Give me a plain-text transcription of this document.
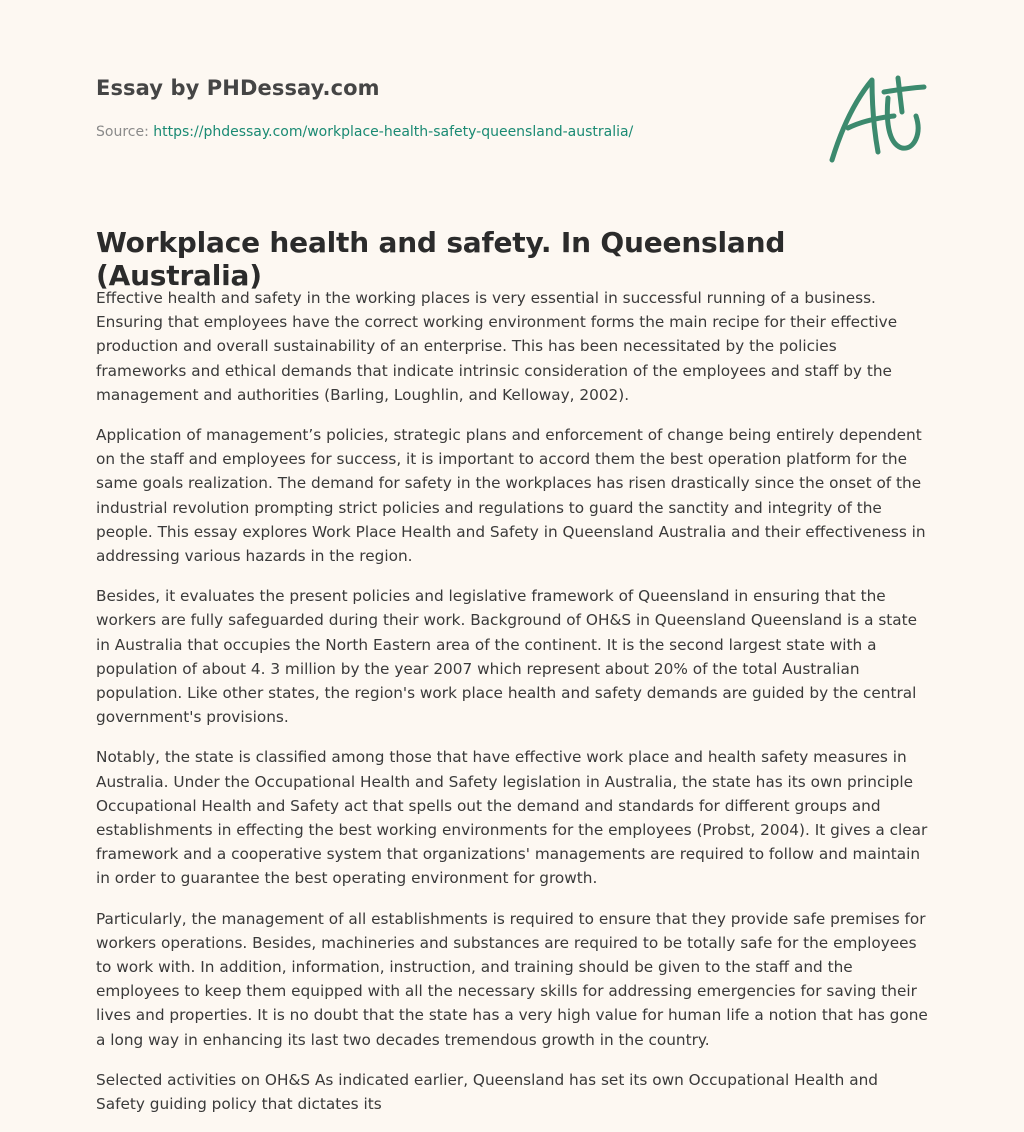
Essay by PHDessay.com
Source: https://phdessay.com/workplace-health-safety-queensland-australia/
Workplace health and safety. In Queensland (Australia)

Effective health and safety in the working places is very essential in successful running of a business. Ensuring that employees have the correct working environment forms the main recipe for their effective production and overall sustainability of an enterprise. This has been necessitated by the policies frameworks and ethical demands that indicate intrinsic consideration of the employees and staff by the management and authorities (Barling, Loughlin, and Kelloway, 2002).

Application of management’s policies, strategic plans and enforcement of change being entirely dependent on the staff and employees for success, it is important to accord them the best operation platform for the same goals realization. The demand for safety in the workplaces has risen drastically since the onset of the industrial revolution prompting strict policies and regulations to guard the sanctity and integrity of the people. This essay explores Work Place Health and Safety in Queensland Australia and their effectiveness in addressing various hazards in the region.

Besides, it evaluates the present policies and legislative framework of Queensland in ensuring that the workers are fully safeguarded during their work. Background of OH&S in Queensland Queensland is a state in Australia that occupies the North Eastern area of the continent. It is the second largest state with a population of about 4. 3 million by the year 2007 which represent about 20% of the total Australian population. Like other states, the region's work place health and safety demands are guided by the central government's provisions.

Notably, the state is classified among those that have effective work place and health safety measures in Australia. Under the Occupational Health and Safety legislation in Australia, the state has its own principle Occupational Health and Safety act that spells out the demand and standards for different groups and establishments in effecting the best working environments for the employees (Probst, 2004). It gives a clear framework and a cooperative system that organizations' managements are required to follow and maintain in order to guarantee the best operating environment for growth.

Particularly, the management of all establishments is required to ensure that they provide safe premises for workers operations. Besides, machineries and substances are required to be totally safe for the employees to work with. In addition, information, instruction, and training should be given to the staff and the employees to keep them equipped with all the necessary skills for addressing emergencies for saving their lives and properties. It is no doubt that the state has a very high value for human life a notion that has gone a long way in enhancing its last two decades tremendous growth in the country.

Selected activities on OH&S As indicated earlier, Queensland has set its own Occupational Health and Safety guiding policy that dictates its
